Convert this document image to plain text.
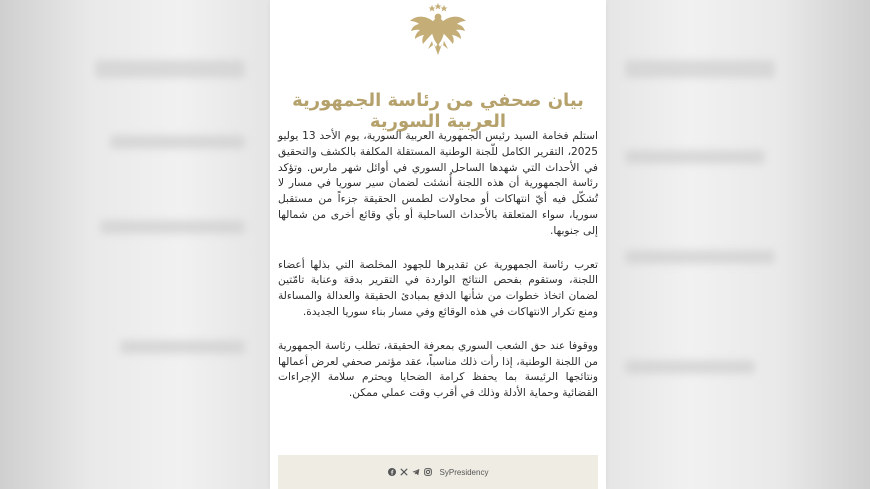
بيان صحفي من رئاسة الجمهورية العربية السورية

استلم فخامة السيد رئيس الجمهورية العربية السورية، يوم الأحد 13 يوليو 2025، التقرير الكامل للّجنة الوطنية المستقلة المكلفة بالكشف والتحقيق في الأحداث التي شهدها الساحل السوري في أوائل شهر مارس. وتؤكد رئاسة الجمهورية أن هذه اللجنة أُنشئت لضمان سير سوريا في مسار لا تُشكّل فيه أيّ انتهاكات أو محاولات لطمس الحقيقة جزءاً من مستقبل سوريا، سواء المتعلقة بالأحداث الساحلية أو بأي وقائع أخرى من شمالها إلى جنوبها.

تعرب رئاسة الجمهورية عن تقديرها للجهود المخلصة التي بذلها أعضاء اللجنة، وستقوم بفحص النتائج الواردة في التقرير بدقة وعناية تامّتين لضمان اتخاذ خطوات من شأنها الدفع بمبادئ الحقيقة والعدالة والمساءلة ومنع تكرار الانتهاكات في هذه الوقائع وفي مسار بناء سوريا الجديدة.

ووقوفا عند حق الشعب السوري بمعرفة الحقيقة، تطلب رئاسة الجمهورية من اللجنة الوطنية، إذا رأت ذلك مناسباً، عقد مؤتمر صحفي لعرض أعمالها ونتائجها الرئيسة بما يحفظ كرامة الضحايا ويحترم سلامة الإجراءات القضائية وحماية الأدلة وذلك في أقرب وقت عملي ممكن.

SyPresidency
